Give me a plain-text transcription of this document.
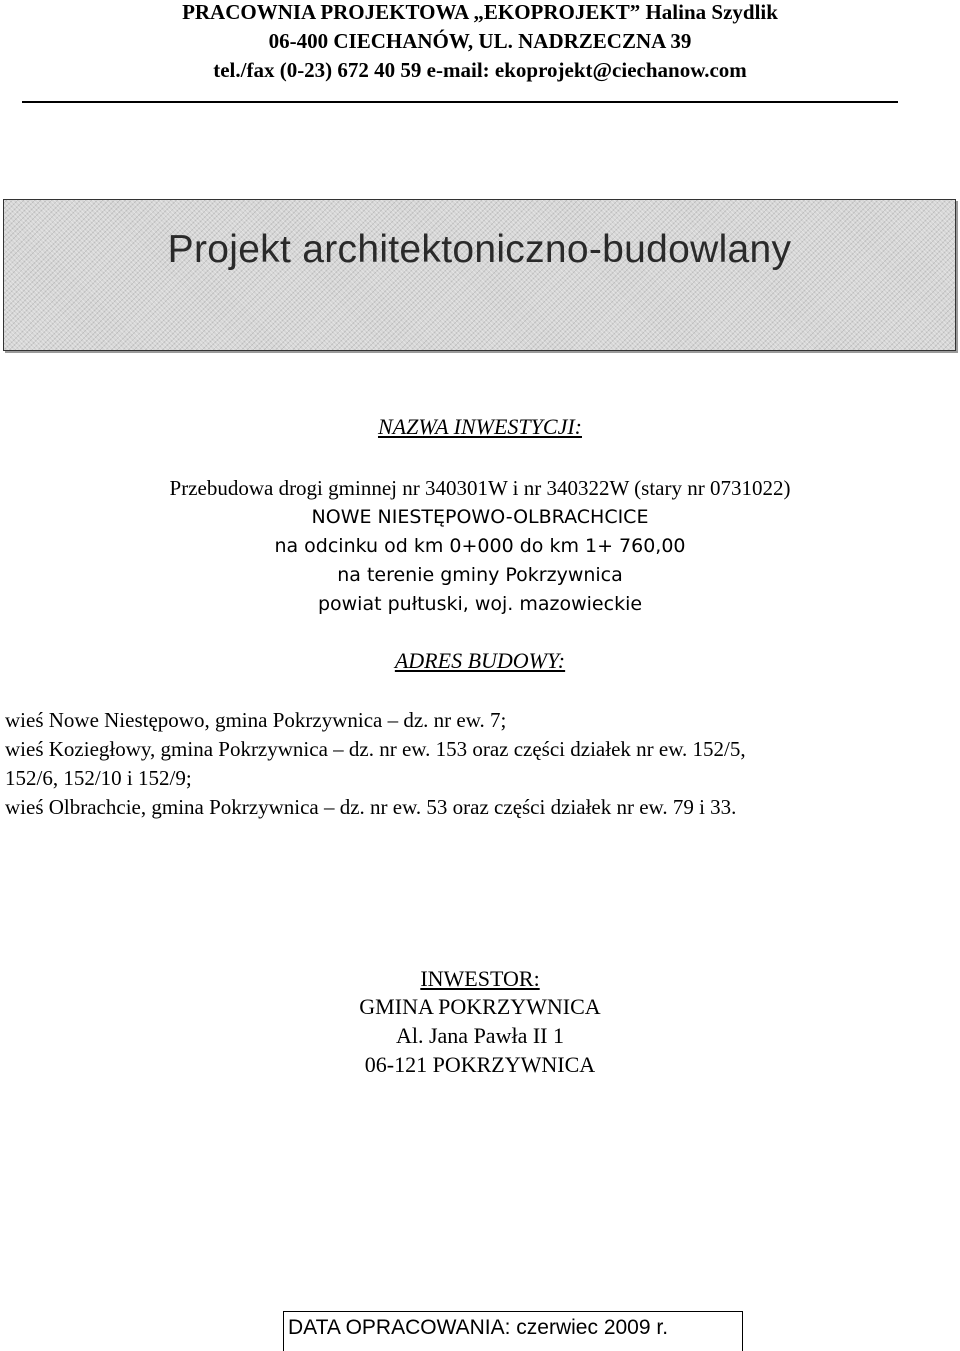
PRACOWNIA PROJEKTOWA „EKOPROJEKT” Halina Szydlik
06-400 CIECHANÓW, UL. NADRZECZNA 39
tel./fax (0-23) 672 40 59 e-mail: ekoprojekt@ciechanow.com
Projekt architektoniczno-budowlany
NAZWA INWESTYCJI:
Przebudowa drogi gminnej nr 340301W i nr 340322W (stary nr 0731022)
NOWE NIESTĘPOWO-OLBRACHCICE
na odcinku od km 0+000 do km 1+ 760,00
na terenie gminy Pokrzywnica
powiat pułtuski, woj. mazowieckie
ADRES BUDOWY:
wieś Nowe Niestępowo, gmina Pokrzywnica – dz. nr ew. 7;
wieś Koziegłowy, gmina Pokrzywnica – dz. nr ew. 153 oraz części działek nr ew. 152/5,
152/6, 152/10 i 152/9;
wieś Olbrachcie, gmina Pokrzywnica – dz. nr ew. 53 oraz części działek nr ew. 79 i 33.
INWESTOR:
GMINA POKRZYWNICA
Al. Jana Pawła II 1
06-121 POKRZYWNICA
DATA OPRACOWANIA: czerwiec 2009 r.
